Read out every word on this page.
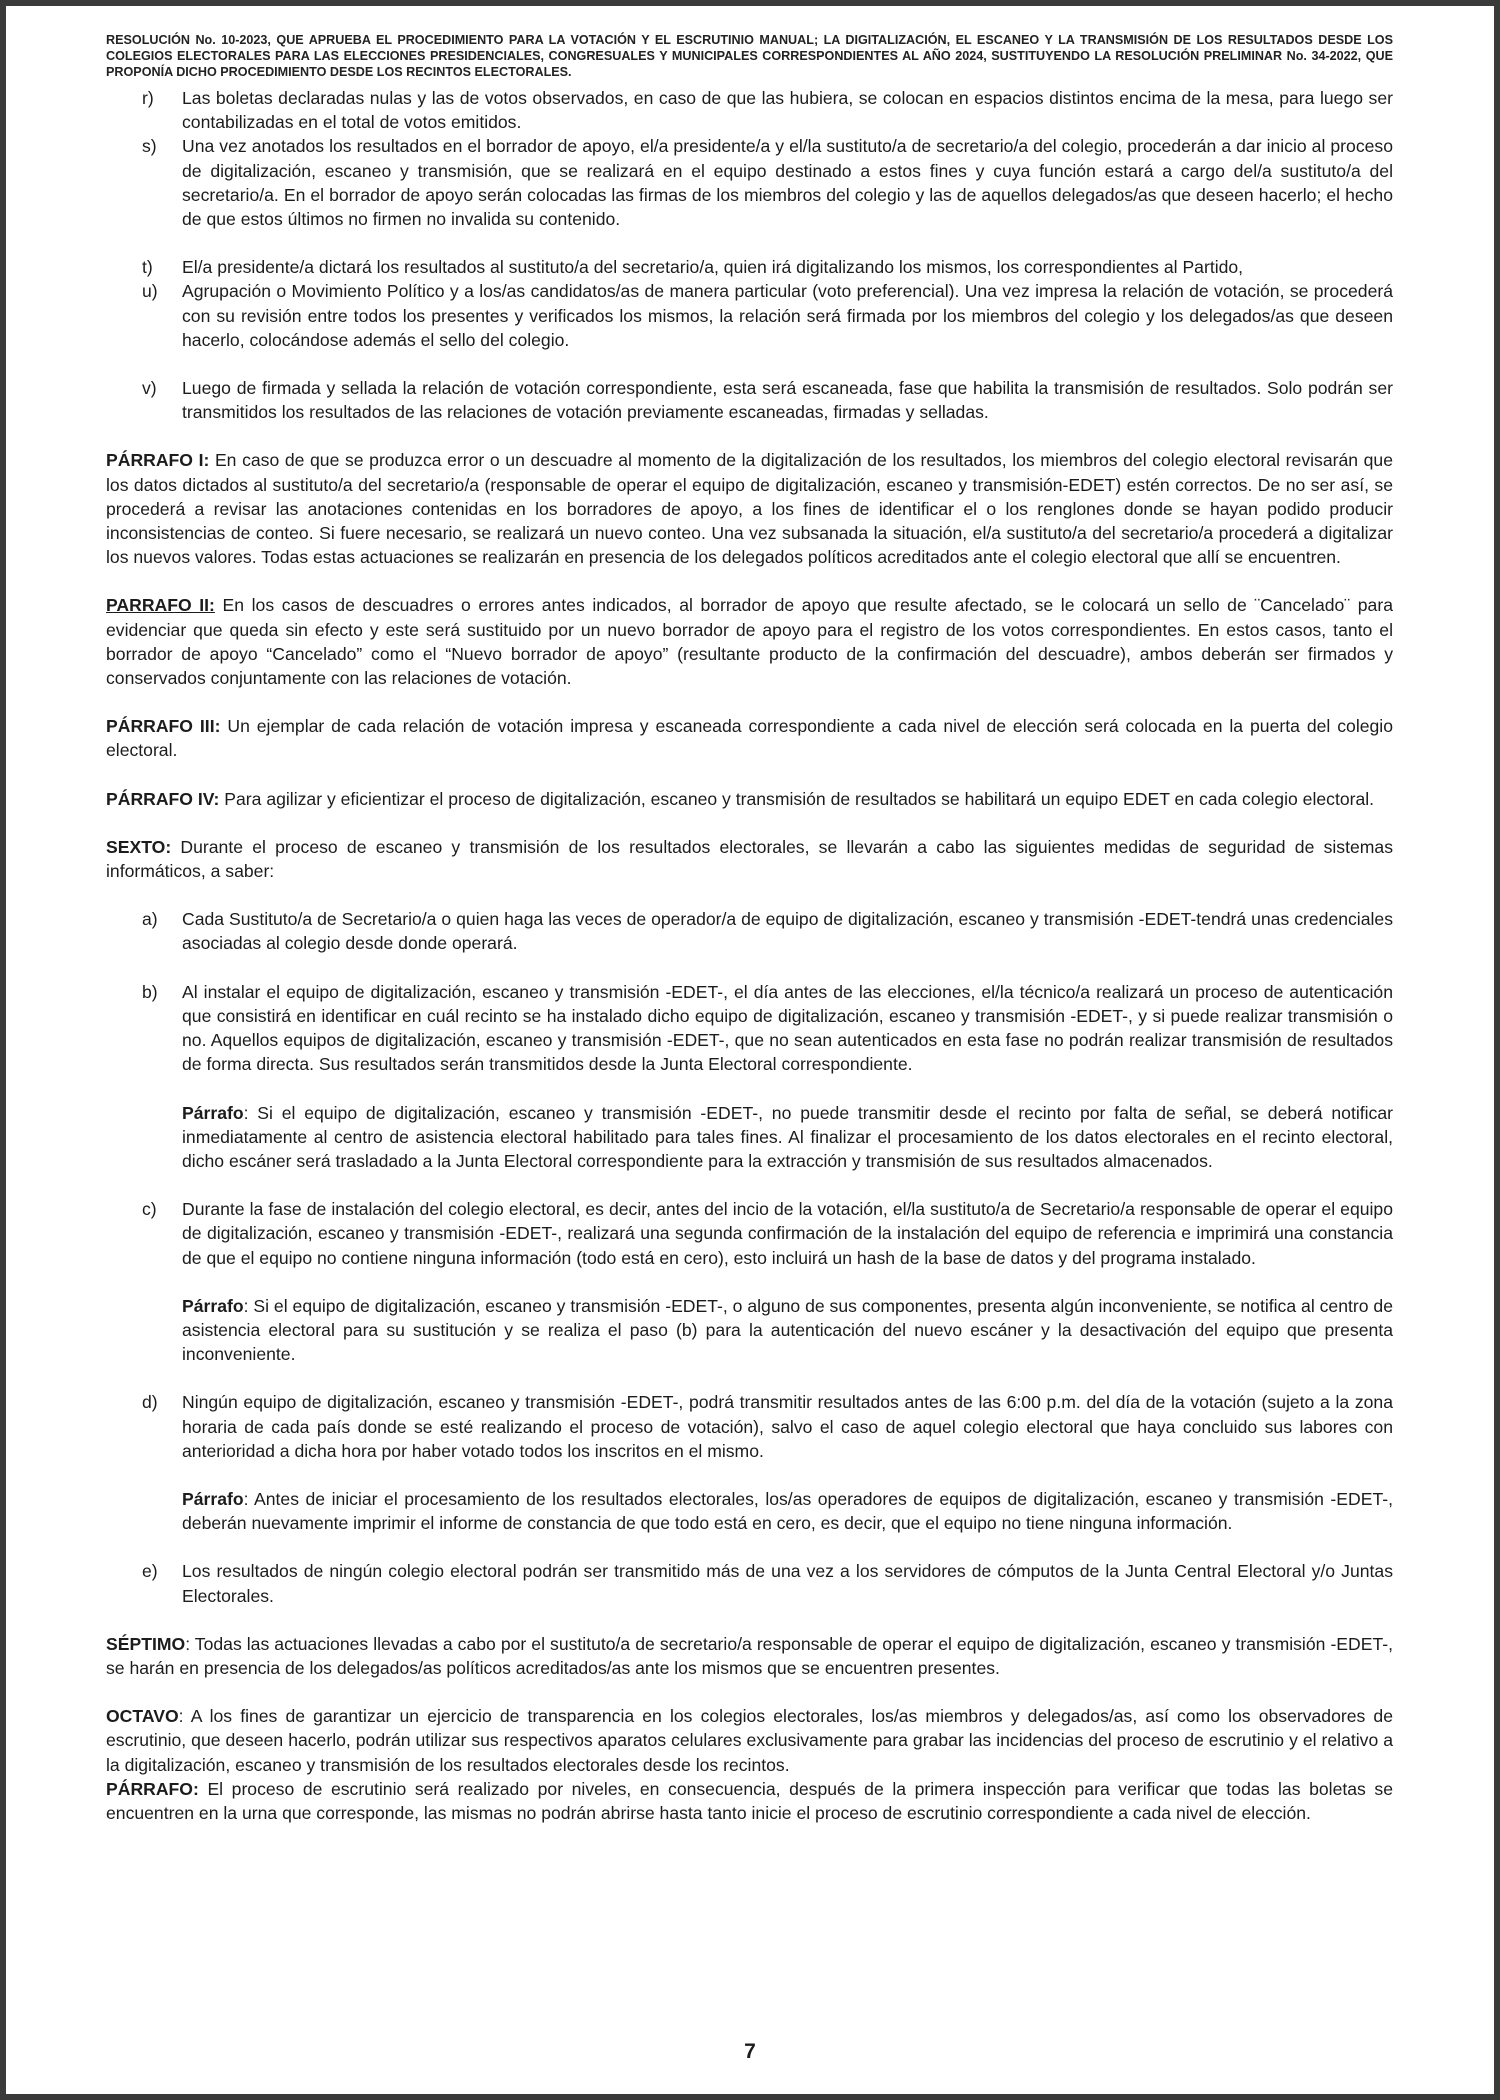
RESOLUCIÓN No. 10-2023, QUE APRUEBA EL PROCEDIMIENTO PARA LA VOTACIÓN Y EL ESCRUTINIO MANUAL; LA DIGITALIZACIÓN, EL ESCANEO Y LA TRANSMISIÓN DE LOS RESULTADOS DESDE LOS COLEGIOS ELECTORALES PARA LAS ELECCIONES PRESIDENCIALES, CONGRESUALES Y MUNICIPALES CORRESPONDIENTES AL AÑO 2024, SUSTITUYENDO LA RESOLUCIÓN PRELIMINAR No. 34-2022, QUE PROPONÍA DICHO PROCEDIMIENTO DESDE LOS RECINTOS ELECTORALES.
r)	Las boletas declaradas nulas y las de votos observados, en caso de que las hubiera, se colocan en espacios distintos encima de la mesa, para luego ser contabilizadas en el total de votos emitidos.
s)	Una vez anotados los resultados en el borrador de apoyo, el/a presidente/a y el/la sustituto/a de secretario/a del colegio, procederán a dar inicio al proceso de digitalización, escaneo y transmisión, que se realizará en el equipo destinado a estos fines y cuya función estará a cargo del/a sustituto/a del secretario/a. En el borrador de apoyo serán colocadas las firmas de los miembros del colegio y las de aquellos delegados/as que deseen hacerlo; el hecho de que estos últimos no firmen no invalida su contenido.
t)	El/a presidente/a dictará los resultados al sustituto/a del secretario/a, quien irá digitalizando los mismos, los correspondientes al Partido,
u)	Agrupación o Movimiento Político y a los/as candidatos/as de manera particular (voto preferencial). Una vez impresa la relación de votación, se procederá con su revisión entre todos los presentes y verificados los mismos, la relación será firmada por los miembros del colegio y los delegados/as que deseen hacerlo, colocándose además el sello del colegio.
v)	Luego de firmada y sellada la relación de votación correspondiente, esta será escaneada, fase que habilita la transmisión de resultados. Solo podrán ser transmitidos los resultados de las relaciones de votación previamente escaneadas, firmadas y selladas.
PÁRRAFO I: En caso de que se produzca error o un descuadre al momento de la digitalización de los resultados, los miembros del colegio electoral revisarán que los datos dictados al sustituto/a del secretario/a (responsable de operar el equipo de digitalización, escaneo y transmisión-EDET) estén correctos. De no ser así, se procederá a revisar las anotaciones contenidas en los borradores de apoyo, a los fines de identificar el o los renglones donde se hayan podido producir inconsistencias de conteo. Si fuere necesario, se realizará un nuevo conteo. Una vez subsanada la situación, el/a sustituto/a del secretario/a procederá a digitalizar los nuevos valores. Todas estas actuaciones se realizarán en presencia de los delegados políticos acreditados ante el colegio electoral que allí se encuentren.
PARRAFO II: En los casos de descuadres o errores antes indicados, al borrador de apoyo que resulte afectado, se le colocará un sello de ¨Cancelado¨ para evidenciar que queda sin efecto y este será sustituido por un nuevo borrador de apoyo para el registro de los votos correspondientes. En estos casos, tanto el borrador de apoyo “Cancelado” como el “Nuevo borrador de apoyo” (resultante producto de la confirmación del descuadre), ambos deberán ser firmados y conservados conjuntamente con las relaciones de votación.
PÁRRAFO III: Un ejemplar de cada relación de votación impresa y escaneada correspondiente a cada nivel de elección será colocada en la puerta del colegio electoral.
PÁRRAFO IV: Para agilizar y eficientizar el proceso de digitalización, escaneo y transmisión de resultados se habilitará un equipo EDET en cada colegio electoral.
SEXTO: Durante el proceso de escaneo y transmisión de los resultados electorales, se llevarán a cabo las siguientes medidas de seguridad de sistemas informáticos, a saber:
a)	Cada Sustituto/a de Secretario/a o quien haga las veces de operador/a de equipo de digitalización, escaneo y transmisión -EDET-tendrá unas credenciales asociadas al colegio desde donde operará.
b)	Al instalar el equipo de digitalización, escaneo y transmisión -EDET-, el día antes de las elecciones, el/la técnico/a realizará un proceso de autenticación que consistirá en identificar en cuál recinto se ha instalado dicho equipo de digitalización, escaneo y transmisión -EDET-, y si puede realizar transmisión o no. Aquellos equipos de digitalización, escaneo y transmisión -EDET-, que no sean autenticados en esta fase no podrán realizar transmisión de resultados de forma directa. Sus resultados serán transmitidos desde la Junta Electoral correspondiente.
Párrafo: Si el equipo de digitalización, escaneo y transmisión -EDET-, no puede transmitir desde el recinto por falta de señal, se deberá notificar inmediatamente al centro de asistencia electoral habilitado para tales fines. Al finalizar el procesamiento de los datos electorales en el recinto electoral, dicho escáner será trasladado a la Junta Electoral correspondiente para la extracción y transmisión de sus resultados almacenados.
c)	Durante la fase de instalación del colegio electoral, es decir, antes del incio de la votación, el/la sustituto/a de Secretario/a responsable de operar el equipo de digitalización, escaneo y transmisión -EDET-, realizará una segunda confirmación de la instalación del equipo de referencia e imprimirá una constancia de que el equipo no contiene ninguna información (todo está en cero), esto incluirá un hash de la base de datos y del programa instalado.
Párrafo: Si el equipo de digitalización, escaneo y transmisión -EDET-, o alguno de sus componentes, presenta algún inconveniente, se notifica al centro de asistencia electoral para su sustitución y se realiza el paso (b) para la autenticación del nuevo escáner y la desactivación del equipo que presenta inconveniente.
d)	Ningún equipo de digitalización, escaneo y transmisión -EDET-, podrá transmitir resultados antes de las 6:00 p.m. del día de la votación (sujeto a la zona horaria de cada país donde se esté realizando el proceso de votación), salvo el caso de aquel colegio electoral que haya concluido sus labores con anterioridad a dicha hora por haber votado todos los inscritos en el mismo.
Párrafo: Antes de iniciar el procesamiento de los resultados electorales, los/as operadores de equipos de digitalización, escaneo y transmisión -EDET-, deberán nuevamente imprimir el informe de constancia de que todo está en cero, es decir, que el equipo no tiene ninguna información.
e)	Los resultados de ningún colegio electoral podrán ser transmitido más de una vez a los servidores de cómputos de la Junta Central Electoral y/o Juntas Electorales.
SÉPTIMO: Todas las actuaciones llevadas a cabo por el sustituto/a de secretario/a responsable de operar el equipo de digitalización, escaneo y transmisión -EDET-, se harán en presencia de los delegados/as políticos acreditados/as ante los mismos que se encuentren presentes.
OCTAVO: A los fines de garantizar un ejercicio de transparencia en los colegios electorales, los/as miembros y delegados/as, así como los observadores de escrutinio, que deseen hacerlo, podrán utilizar sus respectivos aparatos celulares exclusivamente para grabar las incidencias del proceso de escrutinio y el relativo a la digitalización, escaneo y transmisión de los resultados electorales desde los recintos.
PÁRRAFO: El proceso de escrutinio será realizado por niveles, en consecuencia, después de la primera inspección para verificar que todas las boletas se encuentren en la urna que corresponde, las mismas no podrán abrirse hasta tanto inicie el proceso de escrutinio correspondiente a cada nivel de elección.
7
